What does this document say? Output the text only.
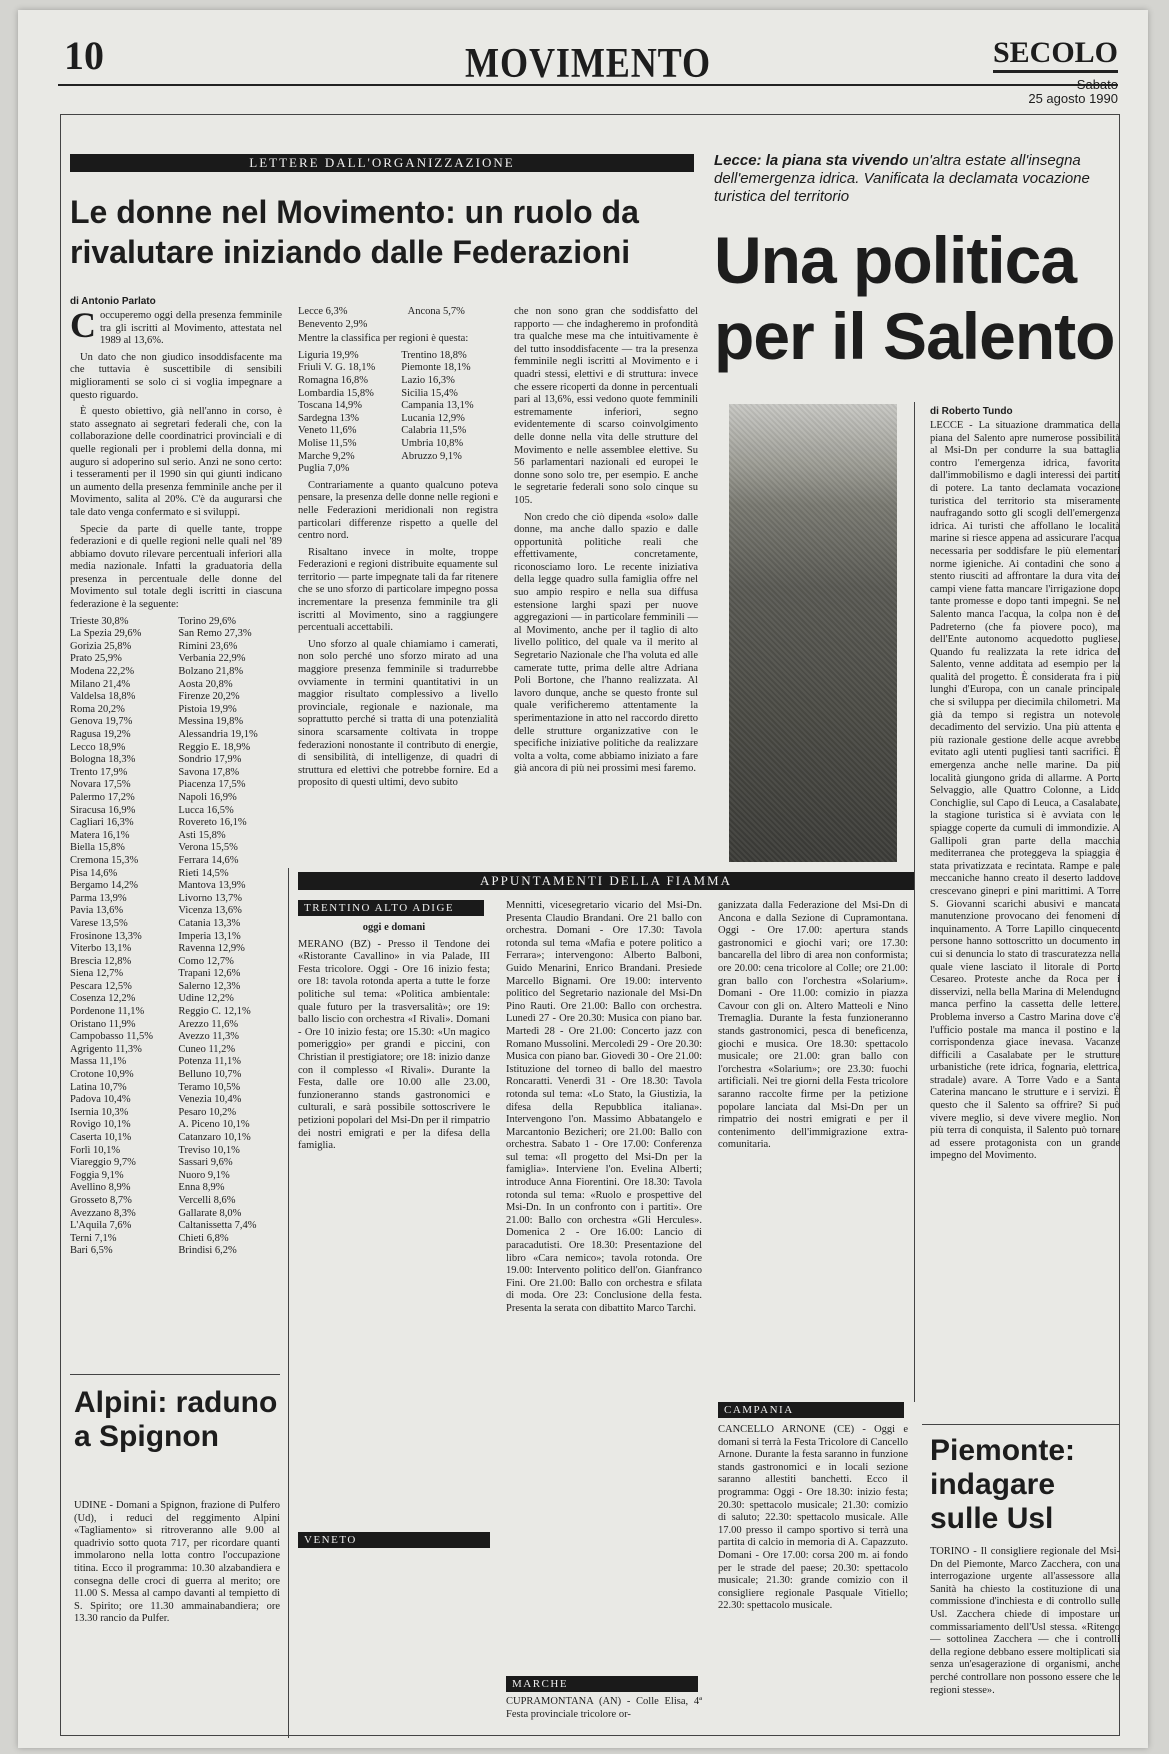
10	MOVIMENTO	SECOLO
Sabato
25 agosto 1990
LETTERE DALL'ORGANIZZAZIONE
Le donne nel Movimento: un ruolo da rivalutare iniziando dalle Federazioni
di Antonio Parlato

Coccuperemo oggi della presenza femminile tra gli iscritti al Movimento, attestata nel 1989 al 13,6%.

Un dato che non giudico insoddisfacente ma che tuttavia è suscettibile di sensibili miglioramenti se solo ci si voglia impegnare a questo riguardo.

È questo obiettivo, già nell'anno in corso, è stato assegnato ai segretari federali che, con la collaborazione delle coordinatrici provinciali e di quelle regionali per i problemi della donna, mi auguro si adoperino sul serio. Anzi ne sono certo: i tesseramenti per il 1990 sin qui giunti indicano un aumento della presenza femminile anche per il Movimento, salita al 20%. C'è da augurarsi che tale dato venga confermato e si sviluppi.

Specie da parte di quelle tante, troppe federazioni e di quelle regioni nelle quali nel '89 abbiamo dovuto rilevare percentuali inferiori alla media nazionale. Infatti la graduatoria della presenza in percentuale delle donne del Movimento sul totale degli iscritti in ciascuna federazione è la seguente:

Trieste 30,8%	Torino 29,6%
La Spezia 29,6%	San Remo 27,3%
Gorizia 25,8%	Rimini 23,6%
Prato 25,9%	Verbania 22,9%
Modena 22,2%	Bolzano 21,8%
Milano 21,4%	Aosta 20,8%
Valdelsa 18,8%	Firenze 20,2%
Roma 20,2%	Pistoia 19,9%
Genova 19,7%	Messina 19,8%
Ragusa 19,2%	Alessandria 19,1%
Lecco 18,9%	Reggio E. 18,9%
Bologna 18,3%	Sondrio 17,9%
Trento 17,9%	Savona 17,8%
Novara 17,5%	Piacenza 17,5%
Palermo 17,2%	Napoli 16,9%
Siracusa 16,9%	Lucca 16,5%
Cagliari 16,3%	Rovereto 16,1%
Matera 16,1%	Asti 15,8%
Biella 15,8%	Verona 15,5%
Cremona 15,3%	Ferrara 14,6%
Pisa 14,6%	Rieti 14,5%
Bergamo 14,2%	Mantova 13,9%
Parma 13,9%	Livorno 13,7%
Pavia 13,6%	Vicenza 13,6%
Varese 13,5%	Catania 13,3%
Frosinone 13,3%	Imperia 13,1%
Viterbo 13,1%	Ravenna 12,9%
Brescia 12,8%	Como 12,7%
Siena 12,7%	Trapani 12,6%
Pescara 12,5%	Salerno 12,3%
Cosenza 12,2%	Udine 12,2%
Pordenone 11,1%	Reggio C. 12,1%
Oristano 11,9%	Arezzo 11,6%
Campobasso 11,5%	Avezzo 11,3%
Agrigento 11,3%	Cuneo 11,2%
Massa 11,1%	Potenza 11,1%
Crotone 10,9%	Belluno 10,7%
Latina 10,7%	Teramo 10,5%
Padova 10,4%	Venezia 10,4%
Isernia 10,3%	Pesaro 10,2%
Rovigo 10,1%	A. Piceno 10,1%
Caserta 10,1%	Catanzaro 10,1%
Forlì 10,1%	Treviso 10,1%
Viareggio 9,7%	Sassari 9,6%
Foggia 9,1%	Nuoro 9,1%
Avellino 8,9%	Enna 8,9%
Grosseto 8,7%	Vercelli 8,6%
Avezzano 8,3%	Gallarate 8,0%
L'Aquila 7,6%	Caltanissetta 7,4%
Terni 7,1%	Chieti 6,8%
Bari 6,5%	Brindisi 6,2%
Lecce 6,3%	Ancona 5,7%
Benevento 2,9%	

Mentre la classifica per regioni è questa:

Liguria 19,9%	Trentino 18,8%
Friuli V. G. 18,1%	Piemonte 18,1%
Romagna 16,8%	Lazio 16,3%
Lombardia 15,8%	Sicilia 15,4%
Toscana 14,9%	Campania 13,1%
Sardegna 13%	Lucania 12,9%
Veneto 11,6%	Calabria 11,5%
Molise 11,5%	Umbria 10,8%
Marche 9,2%	Abruzzo 9,1%
Puglia 7,0%	

Contrariamente a quanto qualcuno poteva pensare, la presenza delle donne nelle regioni e nelle Federazioni meridionali non registra particolari differenze rispetto a quelle del centro nord.

Risaltano invece in molte, troppe Federazioni e regioni distribuite equamente sul territorio — parte impegnate tali da far ritenere che se uno sforzo di particolare impegno possa incrementare la presenza femminile tra gli iscritti al Movimento, sino a raggiungere percentuali accettabili.

Uno sforzo al quale chiamiamo i camerati, non solo perché uno sforzo mirato ad una maggiore presenza femminile si tradurrebbe ovviamente in termini quantitativi in un maggior risultato complessivo a livello provinciale, regionale e nazionale, ma soprattutto perché si tratta di una potenzialità sinora scarsamente coltivata in troppe federazioni nonostante il contributo di energie, di sensibilità, di intelligenze, di quadri di struttura ed elettivi che potrebbe fornire. Ed a proposito di questi ultimi, devo subito

che non sono gran che soddisfatto del rapporto — che indagheremo in profondità tra qualche mese ma che intuitivamente è del tutto insoddisfacente — tra la presenza femminile negli iscritti al Movimento e i quadri stessi, elettivi e di struttura: invece che essere ricoperti da donne in percentuali pari al 13,6%, essi vedono quote femminili estremamente inferiori, segno evidentemente di scarso coinvolgimento delle donne nella vita delle strutture del Movimento e nelle assemblee elettive. Su 56 parlamentari nazionali ed europei le donne sono solo tre, per esempio. E anche le segretarie federali sono solo cinque su 105.

Non credo che ciò dipenda «solo» dalle donne, ma anche dallo spazio e dalle opportunità politiche reali che effettivamente, concretamente, riconosciamo loro. Le recente iniziativa della legge quadro sulla famiglia offre nel suo ampio respiro e nella sua diffusa estensione larghi spazi per nuove aggregazioni — in particolare femminili — al Movimento, anche per il taglio di alto livello politico, del quale va il merito al Segretario Nazionale che l'ha voluta ed alle camerate tutte, prima delle altre Adriana Poli Bortone, che l'hanno realizzata. Al lavoro dunque, anche se questo fronte sul quale verificheremo attentamente la sperimentazione in atto nel raccordo diretto delle strutture organizzative con le specifiche iniziative politiche da realizzare volta a volta, come abbiamo iniziato a fare già ancora di più nei prossimi mesi faremo.

Lecce: la piana sta vivendo un'altra estate all'insegna dell'emergenza idrica. Vanificata la declamata vocazione turistica del territorio
Una politica per il Salento
di Roberto Tundo
LECCE - La situazione drammatica della piana del Salento apre numerose possibilità al Msi-Dn per condurre la sua battaglia contro l'emergenza idrica, favorita dall'immobilismo e dagli interessi dei partiti di potere. La tanto declamata vocazione turistica del territorio sta miseramente naufragando sotto gli scogli dell'emergenza idrica. Ai turisti che affollano le località marine si riesce appena ad assicurare l'acqua necessaria per soddisfare le più elementari norme igieniche. Ai contadini che sono a stento riusciti ad affrontare la dura vita dei campi viene fatta mancare l'irrigazione dopo tante promesse e dopo tanti impegni. Se nel Salento manca l'acqua, la colpa non è del Padreterno (che fa piovere poco), ma dell'Ente autonomo acquedotto pugliese. Quando fu realizzata la rete idrica del Salento, venne additata ad esempio per la qualità del progetto. È considerata fra i più lunghi d'Europa, con un canale principale che si sviluppa per diecimila chilometri. Ma già da tempo si registra un notevole decadimento del servizio. Una più attenta e più razionale gestione delle acque avrebbe evitato agli utenti pugliesi tanti sacrifici. È emergenza anche nelle marine. Da più località giungono grida di allarme. A Porto Selvaggio, alle Quattro Colonne, a Lido Conchiglie, sul Capo di Leuca, a Casalabate, la stagione turistica si è avviata con le spiagge coperte da cumuli di immondizie. A Gallipoli gran parte della macchia mediterranea che proteggeva la spiaggia è stata privatizzata e recintata. Rampe e pale meccaniche hanno creato il deserto laddove crescevano ginepri e pini marittimi. A Torre S. Giovanni scarichi abusivi e mancata manutenzione provocano dei fenomeni di inquinamento. A Torre Lapillo cinquecento persone hanno sottoscritto un documento in cui si denuncia lo stato di trascuratezza nella quale viene lasciato il litorale di Porto Cesareo. Proteste anche da Roca per i disservizi, nella bella Marina di Melendugno manca perfino la cassetta delle lettere. Problema inverso a Castro Marina dove c'è l'ufficio postale ma manca il postino e la corrispondenza giace inevasa. Vacanze difficili a Casalabate per le strutture urbanistiche (rete idrica, fognaria, elettrica, stradale) avare. A Torre Vado e a Santa Caterina mancano le strutture e i servizi. È questo che il Salento sa offrire? Si può vivere meglio, si deve vivere meglio. Non più terra di conquista, il Salento può tornare ad essere protagonista con un grande impegno del Movimento.
Piemonte: indagare sulle Usl
TORINO - Il consigliere regionale del Msi-Dn del Piemonte, Marco Zacchera, con una interrogazione urgente all'assessore alla Sanità ha chiesto la costituzione di una commissione d'inchiesta e di controllo sulle Usl. Zacchera chiede di impostare un commissariamento dell'Usl stessa. «Ritengo — sottolinea Zacchera — che i controlli della regione debbano essere moltiplicati sia senza un'esagerazione di organismi, anche perché controllare non possono essere che le regioni stesse».
Alpini: raduno a Spignon
UDINE - Domani a Spignon, frazione di Pulfero (Ud), i reduci del reggimento Alpini «Tagliamento» si ritroveranno alle 9.00 al quadrivio sotto quota 717, per ricordare quanti immolarono nella lotta contro l'occupazione titina. Ecco il programma: 10.30 alzabandiera e consegna delle croci di guerra al merito; ore 11.00 S. Messa al campo davanti al tempietto di S. Spirito; ore 11.30 ammainabandiera; ore 13.30 rancio da Pulfer.
APPUNTAMENTI DELLA FIAMMA
TRENTINO ALTO ADIGE
oggi e domani

MERANO (BZ) - Presso il Tendone dei «Ristorante Cavallino» in via Palade, III Festa tricolore. Oggi - Ore 16 inizio festa; ore 18: tavola rotonda aperta a tutte le forze politiche sul tema: «Politica ambientale: quale futuro per la trasversalità»; ore 19: ballo liscio con orchestra «I Rivali». Domani - Ore 10 inizio festa; ore 15.30: «Un magico pomeriggio» per grandi e piccini, con Christian il prestigiatore; ore 18: inizio danze con il complesso «I Rivali». Durante la Festa, dalle ore 10.00 alle 23.00, funzioneranno stands gastronomici e culturali, e sarà possibile sottoscrivere le petizioni popolari del Msi-Dn per il rimpatrio dei nostri emigrati e per la difesa della famiglia.

VENETO

Mennitti, vicesegretario vicario del Msi-Dn. Presenta Claudio Brandani. Ore 21 ballo con orchestra. Domani - Ore 17.30: Tavola rotonda sul tema «Mafia e potere politico a Ferrara»; intervengono: Alberto Balboni, Guido Menarini, Enrico Brandani. Presiede Marcello Bignami. Ore 19.00: intervento politico del Segretario nazionale del Msi-Dn Pino Rauti. Ore 21.00: Ballo con orchestra. Lunedì 27 - Ore 20.30: Musica con piano bar. Martedì 28 - Ore 21.00: Concerto jazz con Romano Mussolini. Mercoledì 29 - Ore 20.30: Musica con piano bar. Giovedì 30 - Ore 21.00: Istituzione del torneo di ballo del maestro Roncaratti. Venerdì 31 - Ore 18.30: Tavola rotonda sul tema: «Lo Stato, la Giustizia, la difesa della Repubblica italiana». Intervengono l'on. Massimo Abbatangelo e Marcantonio Bezicheri; ore 21.00: Ballo con orchestra. Sabato 1 - Ore 17.00: Conferenza sul tema: «Il progetto del Msi-Dn per la famiglia». Interviene l'on. Evelina Alberti; introduce Anna Fiorentini. Ore 18.30: Tavola rotonda sul tema: «Ruolo e prospettive del Msi-Dn. In un confronto con i partiti». Ore 21.00: Ballo con orchestra «Gli Hercules». Domenica 2 - Ore 16.00: Lancio di paracadutisti. Ore 18.30: Presentazione del libro «Cara nemico»; tavola rotonda. Ore 19.00: Intervento politico dell'on. Gianfranco Fini. Ore 21.00: Ballo con orchestra e sfilata di moda. Ore 23: Conclusione della festa. Presenta la serata con dibattito Marco Tarchi.

MARCHE
CUPRAMONTANA (AN) - Colle Elisa, 4ª Festa provinciale tricolore or-

ganizzata dalla Federazione del Msi-Dn di Ancona e dalla Sezione di Cupramontana. Oggi - Ore 17.00: apertura stands gastronomici e giochi vari; ore 17.30: bancarella del libro di area non conformista; ore 20.00: cena tricolore al Colle; ore 21.00: gran ballo con l'orchestra «Solarium». Domani - Ore 11.00: comizio in piazza Cavour con gli on. Altero Matteoli e Nino Tremaglia. Durante la festa funzioneranno stands gastronomici, pesca di beneficenza, giochi e musica. Ore 18.30: spettacolo musicale; ore 21.00: gran ballo con l'orchestra «Solarium»; ore 23.30: fuochi artificiali. Nei tre giorni della Festa tricolore saranno raccolte firme per la petizione popolare lanciata dal Msi-Dn per un rimpatrio dei nostri emigrati e per il contenimento dell'immigrazione extra-comunitaria.

CAMPANIA
CANCELLO ARNONE (CE) - Oggi e domani si terrà la Festa Tricolore di Cancello Arnone. Durante la festa saranno in funzione stands gastronomici e in locali sezione saranno allestiti banchetti. Ecco il programma: Oggi - Ore 18.30: inizio festa; 20.30: spettacolo musicale; 21.30: comizio di saluto; 22.30: spettacolo musicale. Alle 17.00 presso il campo sportivo si terrà una partita di calcio in memoria di A. Capazzuto. Domani - Ore 17.00: corsa 200 m. ai fondo per le strade del paese; 20.30: spettacolo musicale; 21.30: grande comizio con il consigliere regionale Pasquale Vitiello; 22.30: spettacolo musicale.
